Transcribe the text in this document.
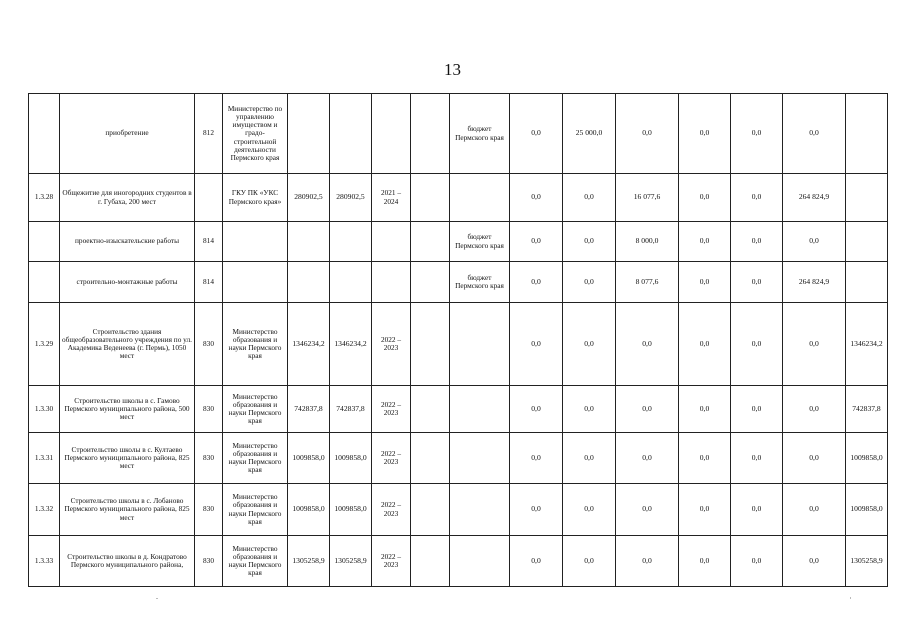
13
	приобретение	812	Министерство по управлению имуществом и градо-строительной деятельности Пермского края					бюджет Пермского края	0,0	25 000,0	0,0	0,0	0,0	0,0	
1.3.28	Общежитие для иногородних студентов в г. Губаха, 200 мест		ГКУ ПК «УКС Пермского края»	280902,5	280902,5	2021 – 2024			0,0	0,0	16 077,6	0,0	0,0	264 824,9	
	проектно-изыскательские работы	814						бюджет Пермского края	0,0	0,0	8 000,0	0,0	0,0	0,0	
	строительно-монтажные работы	814						бюджет Пермского края	0,0	0,0	8 077,6	0,0	0,0	264 824,9	
1.3.29	Строительство здания общеобразовательного учреждения по ул. Академика Веденеева (г. Пермь), 1050 мест	830	Министерство образования и науки Пермского края	1346234,2	1346234,2	2022 – 2023			0,0	0,0	0,0	0,0	0,0	0,0	1346234,2
1.3.30	Строительство школы в с. Гамово Пермского муниципального района, 500 мест	830	Министерство образования и науки Пермского края	742837,8	742837,8	2022 – 2023			0,0	0,0	0,0	0,0	0,0	0,0	742837,8
1.3.31	Строительство школы в с. Култаево Пермского муниципального района, 825 мест	830	Министерство образования и науки Пермского края	1009858,0	1009858,0	2022 – 2023			0,0	0,0	0,0	0,0	0,0	0,0	1009858,0
1.3.32	Строительство школы в с. Лобаново Пермского муниципального района, 825 мест	830	Министерство образования и науки Пермского края	1009858,0	1009858,0	2022 – 2023			0,0	0,0	0,0	0,0	0,0	0,0	1009858,0
1.3.33	Строительство школы в д. Кондратово Пермского муниципального района,	830	Министерство образования и науки Пермского края	1305258,9	1305258,9	2022 – 2023			0,0	0,0	0,0	0,0	0,0	0,0	1305258,9
